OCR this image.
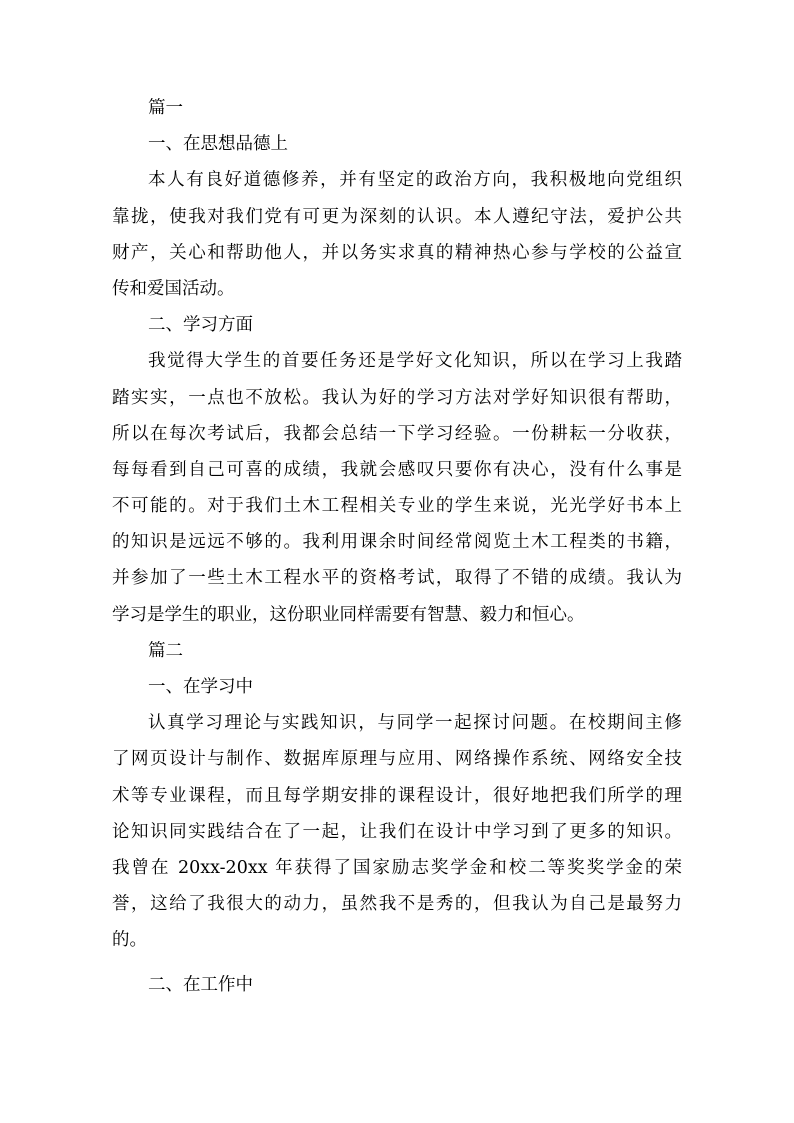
篇一
一、在思想品德上
本人有良好道德修养，并有坚定的政治方向，我积极地向党组织
靠拢，使我对我们党有可更为深刻的认识。本人遵纪守法，爱护公共
财产，关心和帮助他人，并以务实求真的精神热心参与学校的公益宣
传和爱国活动。
二、学习方面
我觉得大学生的首要任务还是学好文化知识，所以在学习上我踏
踏实实，一点也不放松。我认为好的学习方法对学好知识很有帮助，
所以在每次考试后，我都会总结一下学习经验。一份耕耘一分收获，
每每看到自己可喜的成绩，我就会感叹只要你有决心，没有什么事是
不可能的。对于我们土木工程相关专业的学生来说，光光学好书本上
的知识是远远不够的。我利用课余时间经常阅览土木工程类的书籍，
并参加了一些土木工程水平的资格考试，取得了不错的成绩。我认为
学习是学生的职业，这份职业同样需要有智慧、毅力和恒心。
篇二
一、在学习中
认真学习理论与实践知识，与同学一起探讨问题。在校期间主修
了网页设计与制作、数据库原理与应用、网络操作系统、网络安全技
术等专业课程，而且每学期安排的课程设计，很好地把我们所学的理
论知识同实践结合在了一起，让我们在设计中学习到了更多的知识。
我曾在 20xx-20xx 年获得了国家励志奖学金和校二等奖奖学金的荣
誉，这给了我很大的动力，虽然我不是秀的，但我认为自己是最努力
的。
二、在工作中
